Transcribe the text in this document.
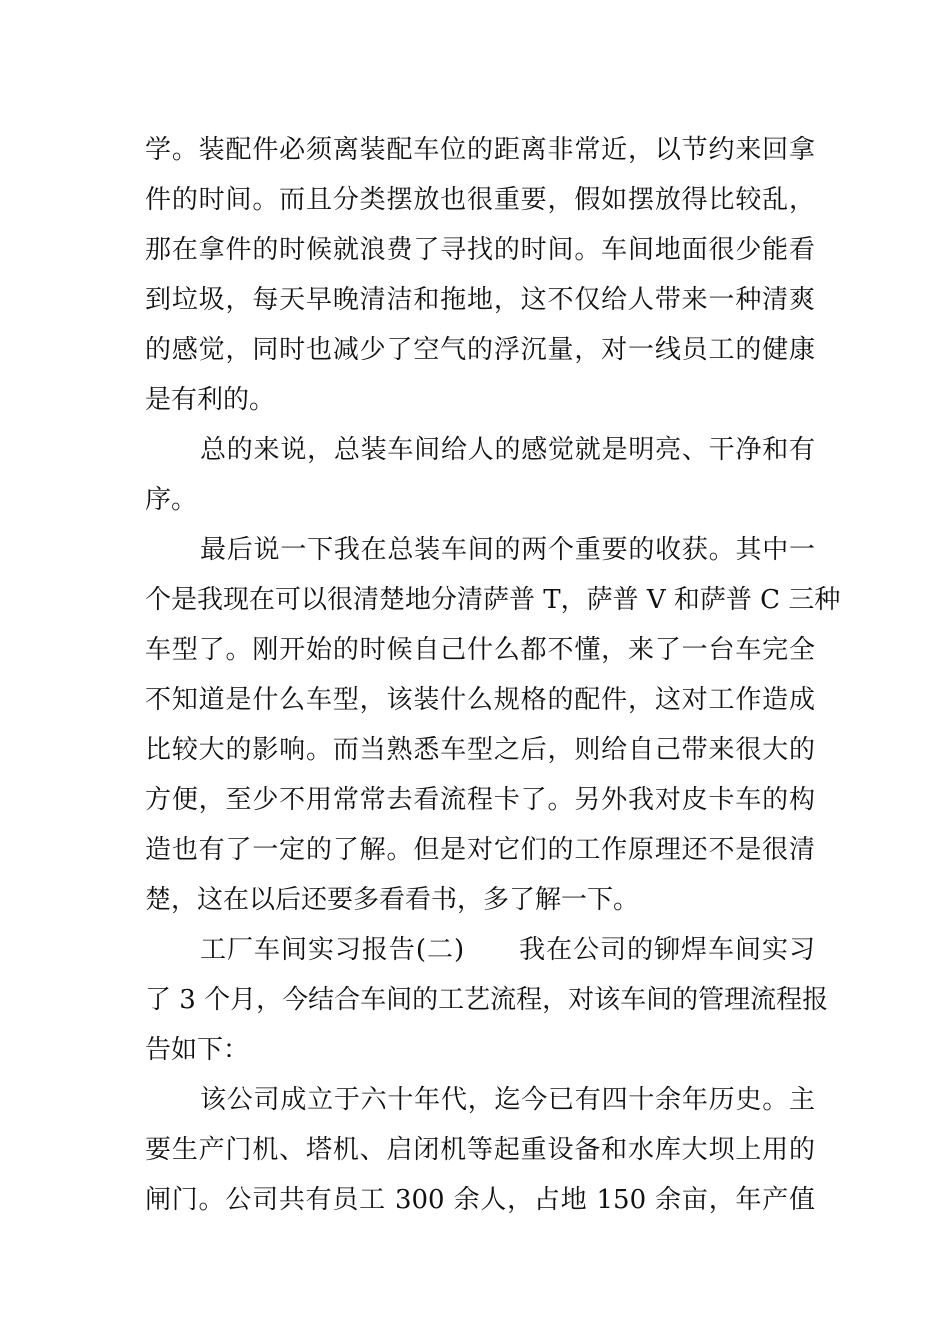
学。装配件必须离装配车位的距离非常近，以节约来回拿
件的时间。而且分类摆放也很重要，假如摆放得比较乱，
那在拿件的时候就浪费了寻找的时间。车间地面很少能看
到垃圾，每天早晚清洁和拖地，这不仅给人带来一种清爽
的感觉，同时也减少了空气的浮沉量，对一线员工的健康
是有利的。
总的来说，总装车间给人的感觉就是明亮、干净和有
序。
最后说一下我在总装车间的两个重要的收获。其中一
个是我现在可以很清楚地分清萨普 T，萨普 V 和萨普 C 三种
车型了。刚开始的时候自己什么都不懂，来了一台车完全
不知道是什么车型，该装什么规格的配件，这对工作造成
比较大的影响。而当熟悉车型之后，则给自己带来很大的
方便，至少不用常常去看流程卡了。另外我对皮卡车的构
造也有了一定的了解。但是对它们的工作原理还不是很清
楚，这在以后还要多看看书，多了解一下。
工厂车间实习报告(二)　　我在公司的铆焊车间实习
了 3 个月，今结合车间的工艺流程，对该车间的管理流程报
告如下：
该公司成立于六十年代，迄今已有四十余年历史。主
要生产门机、塔机、启闭机等起重设备和水库大坝上用的
闸门。公司共有员工 300 余人，占地 150 余亩，年产值
